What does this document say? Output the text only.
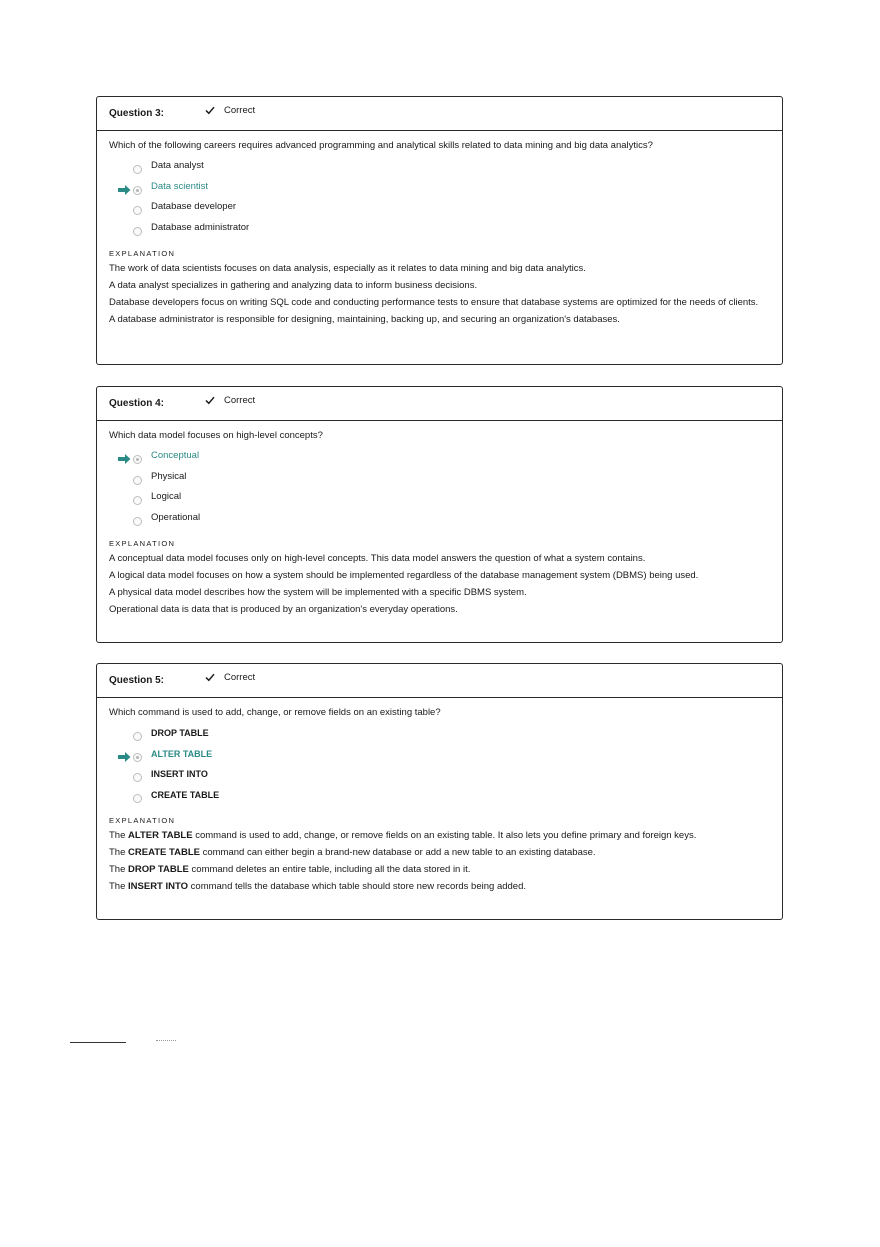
Question 3:	Correct
Which of the following careers requires advanced programming and analytical skills related to data mining and big data analytics?
Data analyst
Data scientist
Database developer
Database administrator
EXPLANATION
The work of data scientists focuses on data analysis, especially as it relates to data mining and big data analytics.
A data analyst specializes in gathering and analyzing data to inform business decisions.
Database developers focus on writing SQL code and conducting performance tests to ensure that database systems are optimized for the needs of clients.
A database administrator is responsible for designing, maintaining, backing up, and securing an organization's databases.
Question 4:	Correct
Which data model focuses on high-level concepts?
Conceptual
Physical
Logical
Operational
EXPLANATION
A conceptual data model focuses only on high-level concepts. This data model answers the question of what a system contains.
A logical data model focuses on how a system should be implemented regardless of the database management system (DBMS) being used.
A physical data model describes how the system will be implemented with a specific DBMS system.
Operational data is data that is produced by an organization's everyday operations.
Question 5:	Correct
Which command is used to add, change, or remove fields on an existing table?
DROP TABLE
ALTER TABLE
INSERT INTO
CREATE TABLE
EXPLANATION
The ALTER TABLE command is used to add, change, or remove fields on an existing table. It also lets you define primary and foreign keys.
The CREATE TABLE command can either begin a brand-new database or add a new table to an existing database.
The DROP TABLE command deletes an entire table, including all the data stored in it.
The INSERT INTO command tells the database which table should store new records being added.
